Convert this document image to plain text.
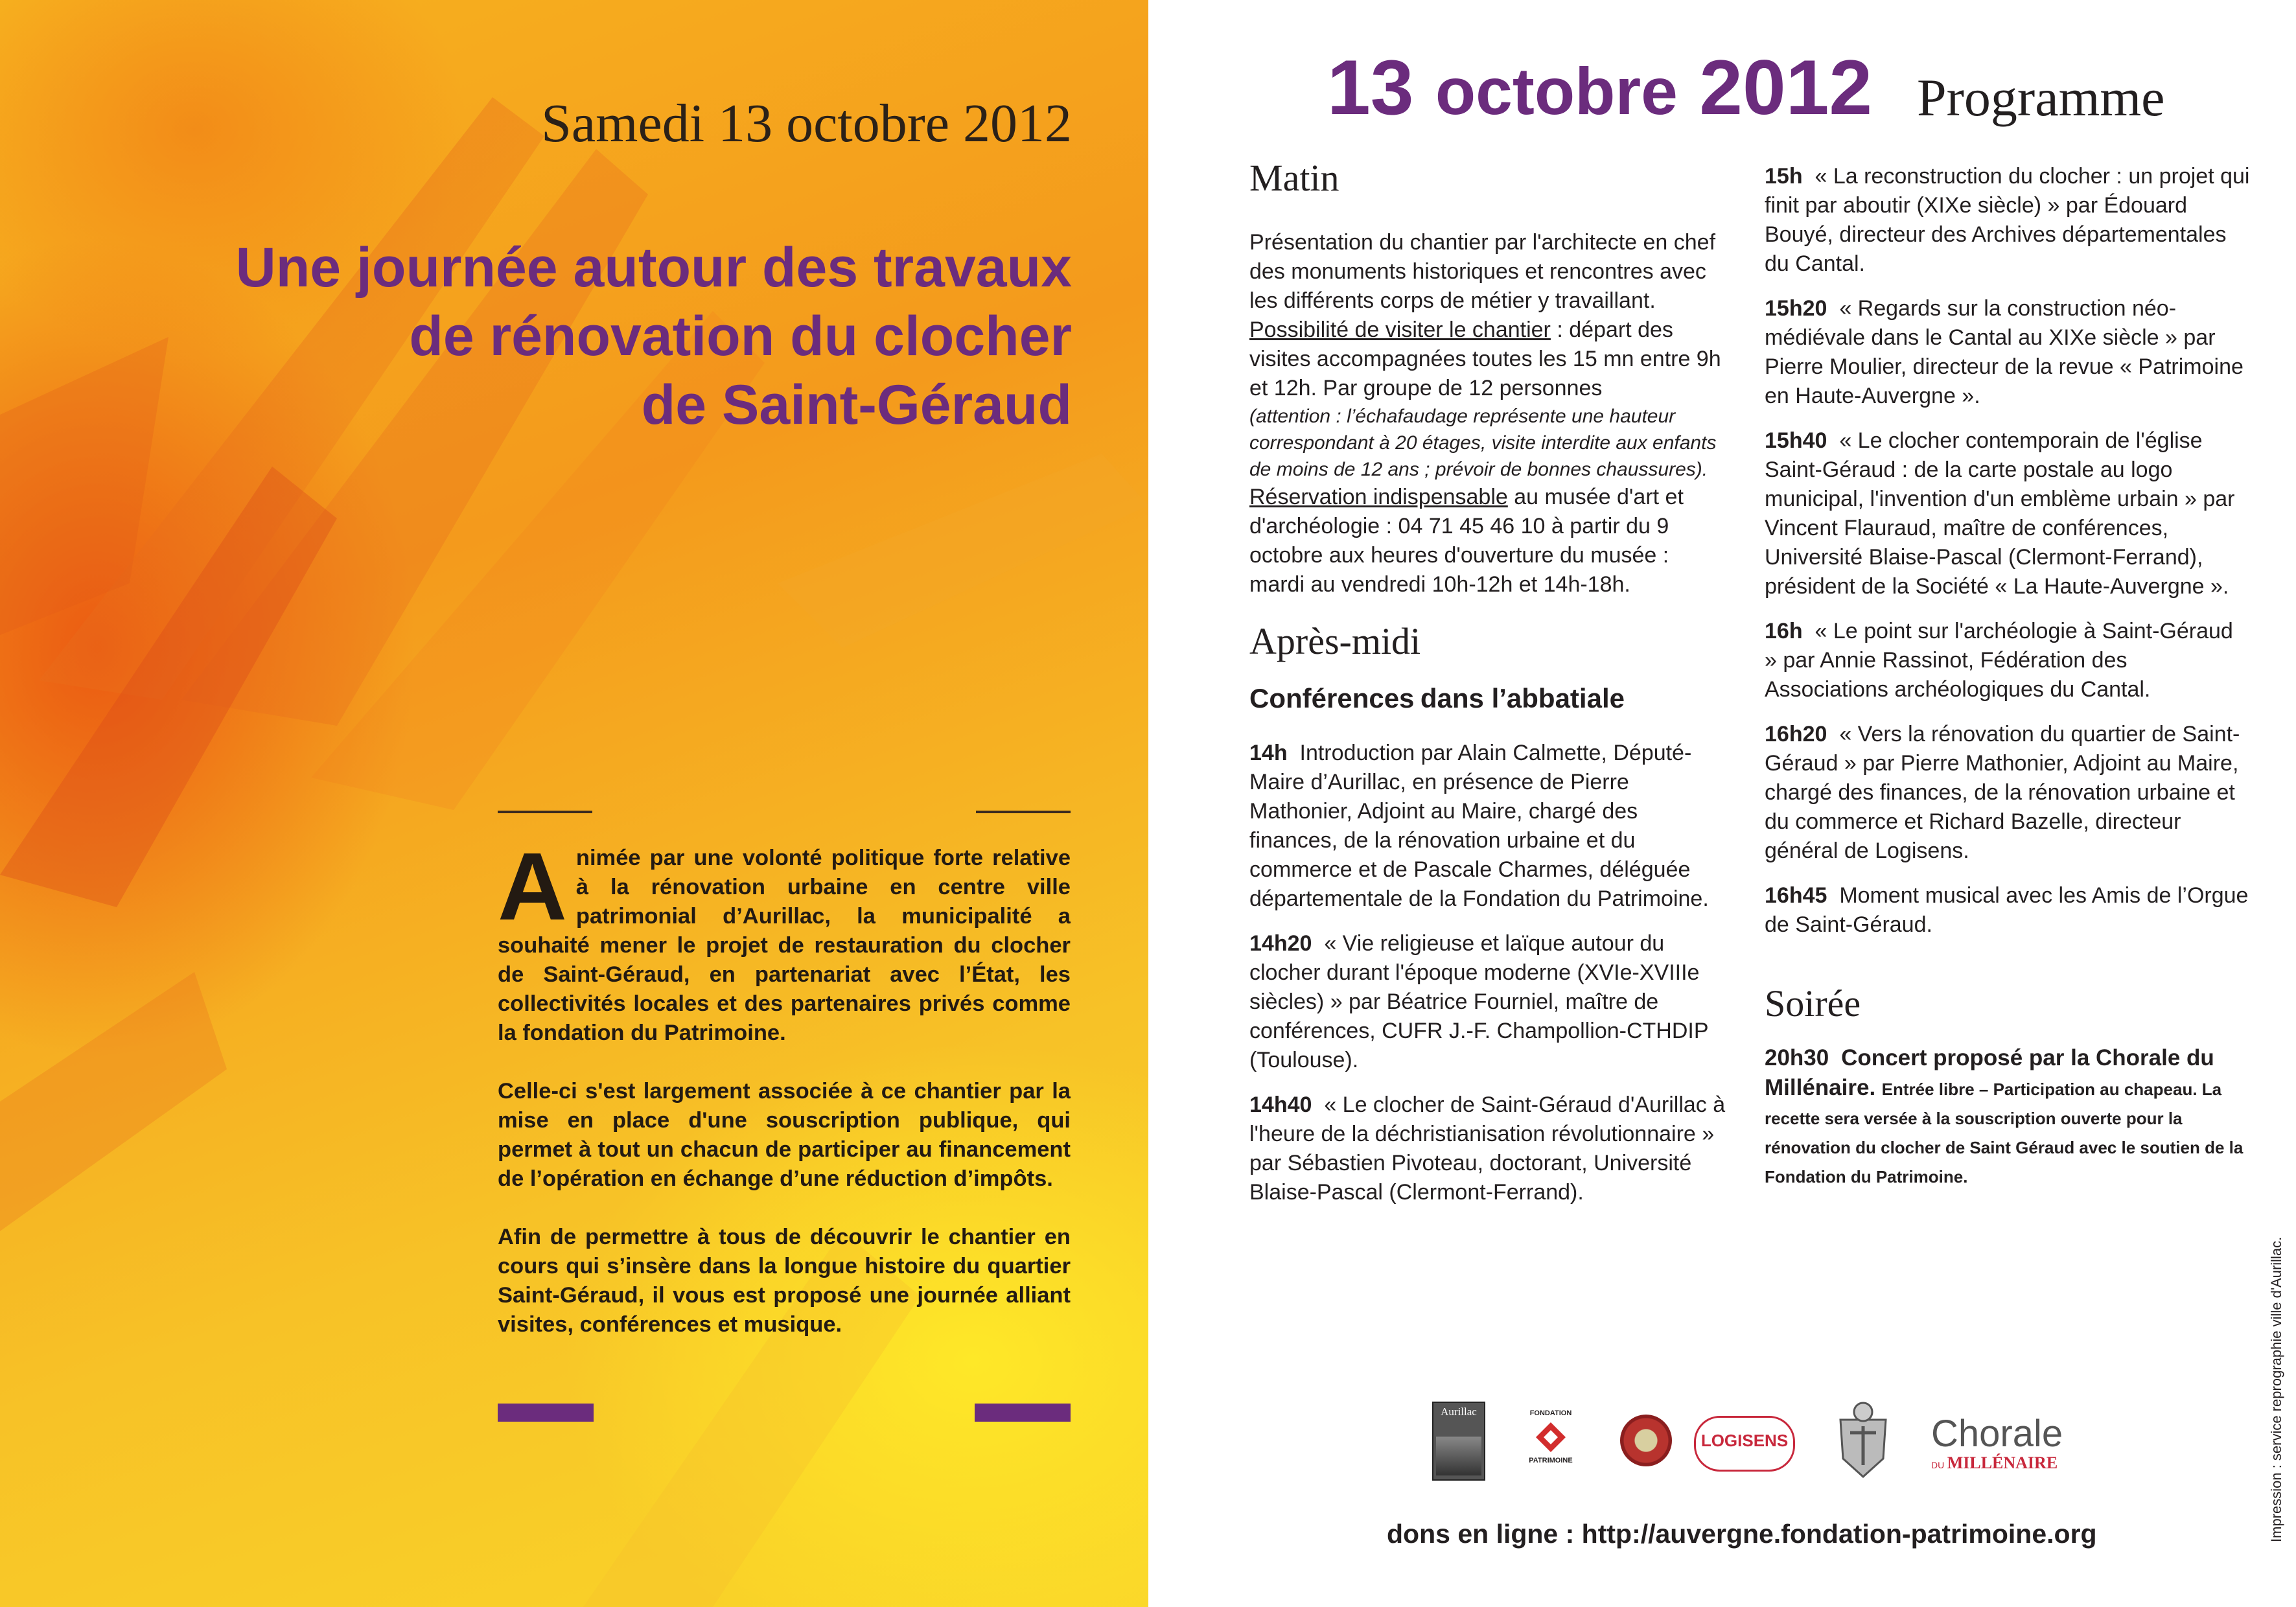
Samedi 13 octobre 2012
Une journée autour des travaux
de rénovation du clocher
de Saint-Géraud

Animée par une volonté politique forte relative à la rénovation urbaine en centre ville patrimonial d’Aurillac, la municipalité a souhaité mener le projet de restauration du clocher de Saint-Géraud, en partenariat avec l’État, les collectivités locales et des partenaires privés comme la fondation du Patrimoine.

Celle-ci s'est largement associée à ce chantier par la mise en place d'une souscription publique, qui permet à tout un chacun de participer au financement de l’opération en échange d’une réduction d’impôts.

Afin de permettre à tous de découvrir le chantier en cours qui s’insère dans la longue histoire du quartier Saint-Géraud, il vous est proposé une journée alliant visites, conférences et musique.

13 octobre 2012 Programme
Matin

Présentation du chantier par l'architecte en chef des monuments historiques et rencontres avec les différents corps de métier y travaillant.

Possibilité de visiter le chantier : départ des visites accompagnées toutes les 15 mn entre 9h et 12h. Par groupe de 12 personnes

(attention : l’échafaudage représente une hauteur correspondant à 20 étages, visite interdite aux enfants de moins de 12 ans ; prévoir de bonnes chaussures).

Réservation indispensable au musée d'art et d'archéologie : 04 71 45 46 10 à partir du 9 octobre aux heures d'ouverture du musée : mardi au vendredi 10h-12h et 14h-18h.

Après-midi

Conférences dans l’abbatiale

14h Introduction par Alain Calmette, Député-Maire d’Aurillac, en présence de Pierre Mathonier, Adjoint au Maire, chargé des finances, de la rénovation urbaine et du commerce et de Pascale Charmes, déléguée départementale de la Fondation du Patrimoine.

14h20 « Vie religieuse et laïque autour du clocher durant l'époque moderne (XVIe-XVIIIe siècles) » par Béatrice Fourniel, maître de conférences, CUFR J.-F. Champollion-CTHDIP (Toulouse).

14h40 « Le clocher de Saint-Géraud d'Aurillac à l'heure de la déchristianisation révolutionnaire » par Sébastien Pivoteau, doctorant, Université Blaise-Pascal (Clermont-Ferrand).

15h « La reconstruction du clocher : un projet qui finit par aboutir (XIXe siècle) » par Édouard Bouyé, directeur des Archives départementales du Cantal.

15h20 « Regards sur la construction néo-médiévale dans le Cantal au XIXe siècle » par Pierre Moulier, directeur de la revue « Patrimoine en Haute-Auvergne ».

15h40 « Le clocher contemporain de l'église Saint-Géraud : de la carte postale au logo municipal, l'invention d'un emblème urbain » par Vincent Flauraud, maître de conférences, Université Blaise-Pascal (Clermont-Ferrand), président de la Société « La Haute-Auvergne ».

16h « Le point sur l'archéologie à Saint-Géraud » par Annie Rassinot, Fédération des Associations archéologiques du Cantal.

16h20 « Vers la rénovation du quartier de Saint-Géraud » par Pierre Mathonier, Adjoint au Maire, chargé des finances, de la rénovation urbaine et du commerce et Richard Bazelle, directeur général de Logisens.

16h45 Moment musical avec les Amis de l’Orgue de Saint-Géraud.

Soirée

20h30 Concert proposé par la Chorale du Millénaire. Entrée libre – Participation au chapeau. La recette sera versée à la souscription ouverte pour la rénovation du clocher de Saint Géraud avec le soutien de la Fondation du Patrimoine.

Aurillac	FONDATION
PATRIMOINE
LOGISENS	Chorale
DU MILLÉNAIRE
dons en ligne : http://auvergne.fondation-patrimoine.org	Impression : service reprographie ville d'Aurillac.
